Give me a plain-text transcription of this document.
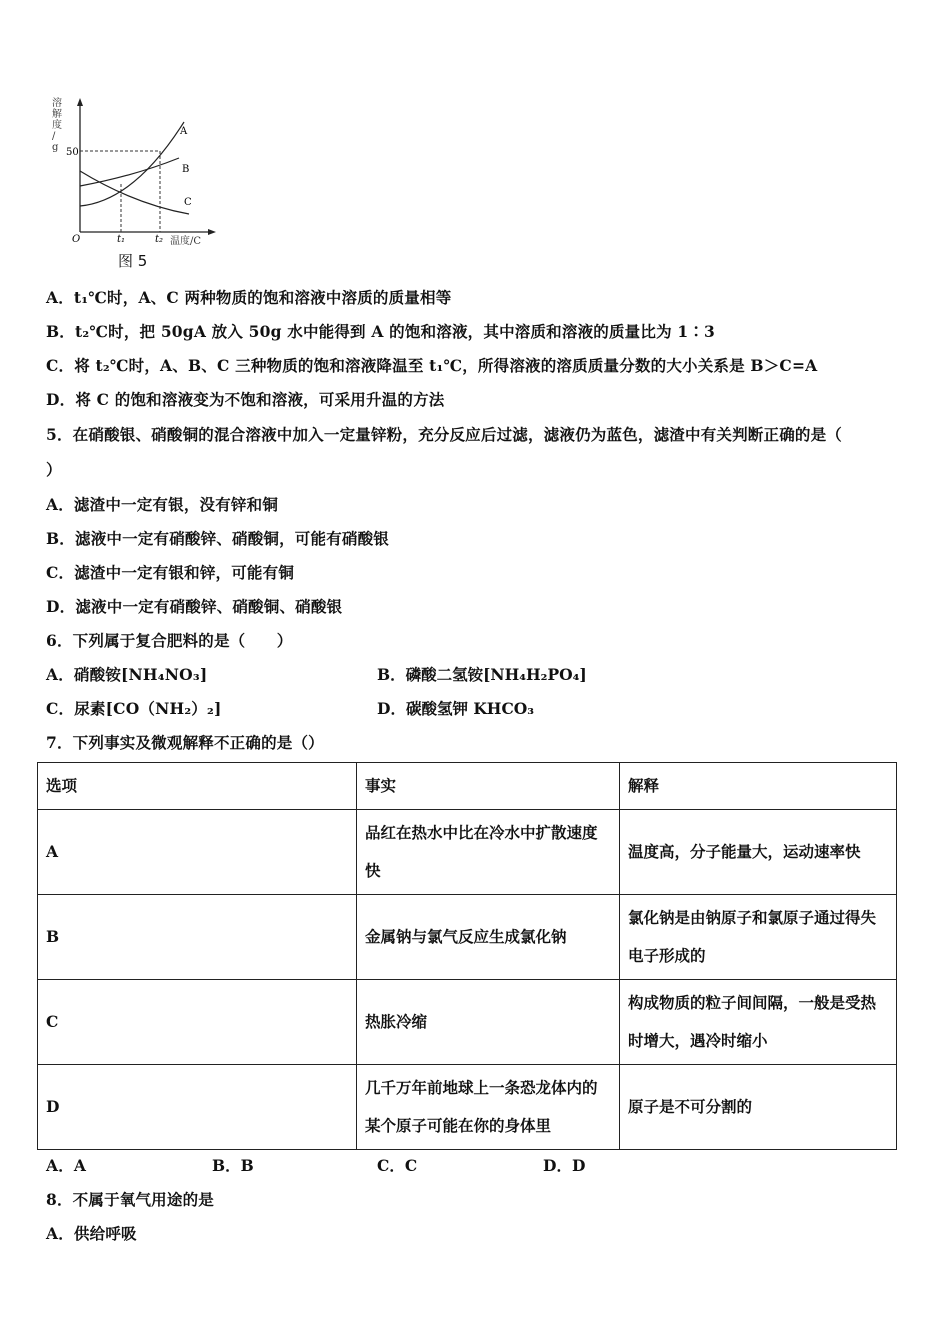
溶解度/ g 50
O	t₁	t₂ 温度/C
A
B
C
图 5
A．t₁℃时，A、C 两种物质的饱和溶液中溶质的质量相等
B．t₂℃时，把 50gA 放入 50g 水中能得到 A 的饱和溶液，其中溶质和溶液的质量比为 1∶3
C．将 t₂℃时，A、B、C 三种物质的饱和溶液降温至 t₁℃，所得溶液的溶质质量分数的大小关系是 B＞C=A
D．将 C 的饱和溶液变为不饱和溶液，可采用升温的方法
5．在硝酸银、硝酸铜的混合溶液中加入一定量锌粉，充分反应后过滤，滤液仍为蓝色，滤渣中有关判断正确的是（
）
A．滤渣中一定有银，没有锌和铜
B．滤液中一定有硝酸锌、硝酸铜，可能有硝酸银
C．滤渣中一定有银和锌，可能有铜
D．滤液中一定有硝酸锌、硝酸铜、硝酸银
6．下列属于复合肥料的是（　　）
A．硝酸铵[NH₄NO₃]	B．磷酸二氢铵[NH₄H₂PO₄]
C．尿素[CO（NH₂）₂]	D．碳酸氢钾 KHCO₃
7．下列事实及微观解释不正确的是（）
选项	事实	解释
A	品红在热水中比在冷水中扩散速度快	温度高，分子能量大，运动速率快
B	金属钠与氯气反应生成氯化钠	氯化钠是由钠原子和氯原子通过得失电子形成的
C	热胀冷缩	构成物质的粒子间间隔，一般是受热时增大，遇冷时缩小
D	几千万年前地球上一条恐龙体内的某个原子可能在你的身体里	原子是不可分割的
A．A	B．B	C．C	D．D
8．不属于氧气用途的是
A．供给呼吸
